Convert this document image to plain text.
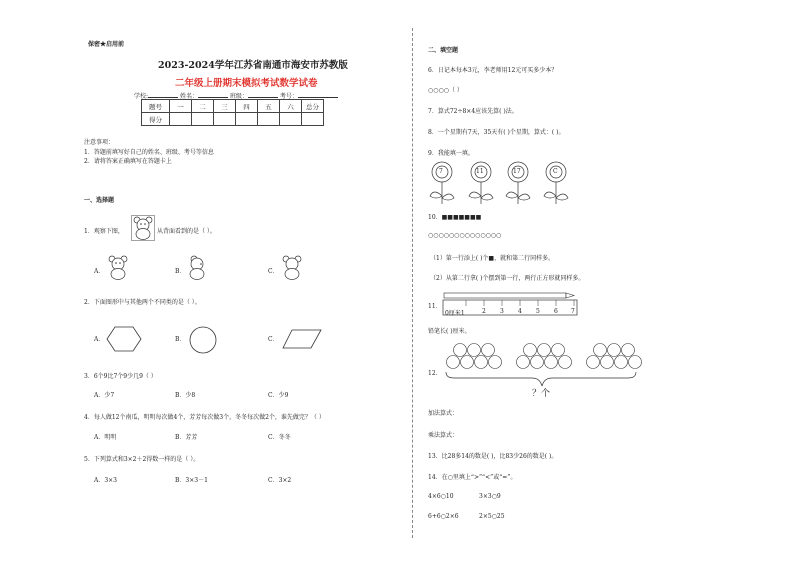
保密★启用前
2023-2024学年江苏省南通市海安市苏教版
二年级上册期末模拟考试数学试卷
学校:	姓名：	班级：	考号：
题号	一	二	三	四	五	六	总分
得分							
注意事项：
1．答题前填写好自己的姓名、班级、考号等信息
2．请将答案正确填写在答题卡上
一、选择题
1．观察下图，	从背面看到的是（ ）。
A．	B．	C．
2．下面图形中与其他两个不同类的是（ ）。
A．	B．	C．
3．6个9比7个9少几9（ ）
A．少7	B．少8	C．少9
4．每人做12个南瓜，明明每次做4个，芳芳每次做3个，冬冬每次做2个，谁先做完？（ ）
A．明明	B．芳芳	C．冬冬
5．下列算式和3×2＋2得数一样的是（ ）。
A．3×3	B．3×3－1	C．3×2
二、填空题
6．日记本每本3元，李老师用12元可买多少本？
○○○○（ ）
7．算式72÷8×4应该先算( )法。
8．一个星期有7天，35天有( )个星期，算式：( )。
9．我能填一填。
7	11	17	C
10．■■■■■■■
○○○○○○○○○○○○○○
（1）第一行添上( )个■，就和第二行同样多。
（2）从第二行拿( )个摆到第一行，两行正方形就同样多。
11．
0厘米1	2 3 4 5 6 7
铅笔长( )厘米。
12．
？个
加法算式：
乘法算式：
13．比28多14的数是( )，比83少26的数是( )。
14．在○里填上“>”“<”或“=”。
4×6○10	3×3○9
6+6○2×6	2×5○25
